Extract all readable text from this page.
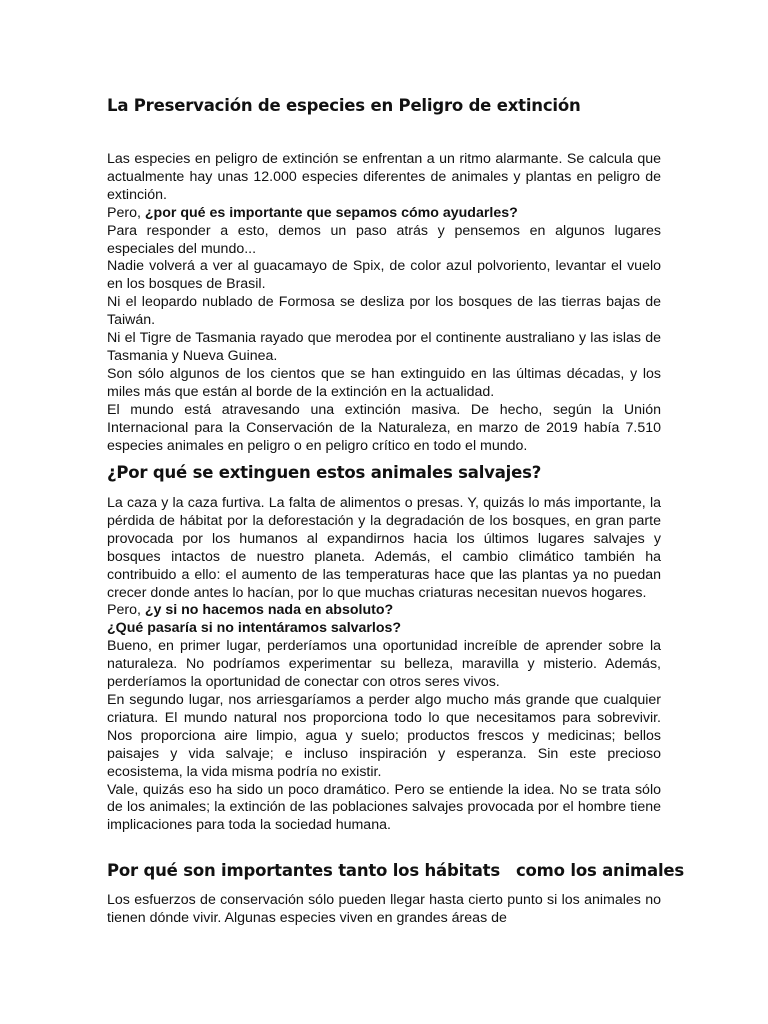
La Preservación de especies en Peligro de extinción

Las especies en peligro de extinción se enfrentan a un ritmo alarmante. Se calcula que actualmente hay unas 12.000 especies diferentes de animales y plantas en peligro de extinción.

Pero, ¿por qué es importante que sepamos cómo ayudarles?

Para responder a esto, demos un paso atrás y pensemos en algunos lugares especiales del mundo...

Nadie volverá a ver al guacamayo de Spix, de color azul polvoriento, levantar el vuelo en los bosques de Brasil.

Ni el leopardo nublado de Formosa se desliza por los bosques de las tierras bajas de Taiwán.

Ni el Tigre de Tasmania rayado que merodea por el continente australiano y las islas de Tasmania y Nueva Guinea.

Son sólo algunos de los cientos que se han extinguido en las últimas décadas, y los miles más que están al borde de la extinción en la actualidad.

El mundo está atravesando una extinción masiva. De hecho, según la Unión Internacional para la Conservación de la Naturaleza, en marzo de 2019 había 7.510 especies animales en peligro o en peligro crítico en todo el mundo.

¿Por qué se extinguen estos animales salvajes?

La caza y la caza furtiva. La falta de alimentos o presas. Y, quizás lo más importante, la pérdida de hábitat por la deforestación y la degradación de los bosques, en gran parte provocada por los humanos al expandirnos hacia los últimos lugares salvajes y bosques intactos de nuestro planeta. Además, el cambio climático también ha contribuido a ello: el aumento de las temperaturas hace que las plantas ya no puedan crecer donde antes lo hacían, por lo que muchas criaturas necesitan nuevos hogares.

Pero, ¿y si no hacemos nada en absoluto?

¿Qué pasaría si no intentáramos salvarlos?

Bueno, en primer lugar, perderíamos una oportunidad increíble de aprender sobre la naturaleza. No podríamos experimentar su belleza, maravilla y misterio. Además, perderíamos la oportunidad de conectar con otros seres vivos.

En segundo lugar, nos arriesgaríamos a perder algo mucho más grande que cualquier criatura. El mundo natural nos proporciona todo lo que necesitamos para sobrevivir. Nos proporciona aire limpio, agua y suelo; productos frescos y medicinas; bellos paisajes y vida salvaje; e incluso inspiración y esperanza. Sin este precioso ecosistema, la vida misma podría no existir.

Vale, quizás eso ha sido un poco dramático. Pero se entiende la idea. No se trata sólo de los animales; la extinción de las poblaciones salvajes provocada por el hombre tiene implicaciones para toda la sociedad humana.

Por qué son importantes tanto los hábitats como los animales

Los esfuerzos de conservación sólo pueden llegar hasta cierto punto si los animales no tienen dónde vivir. Algunas especies viven en grandes áreas de
